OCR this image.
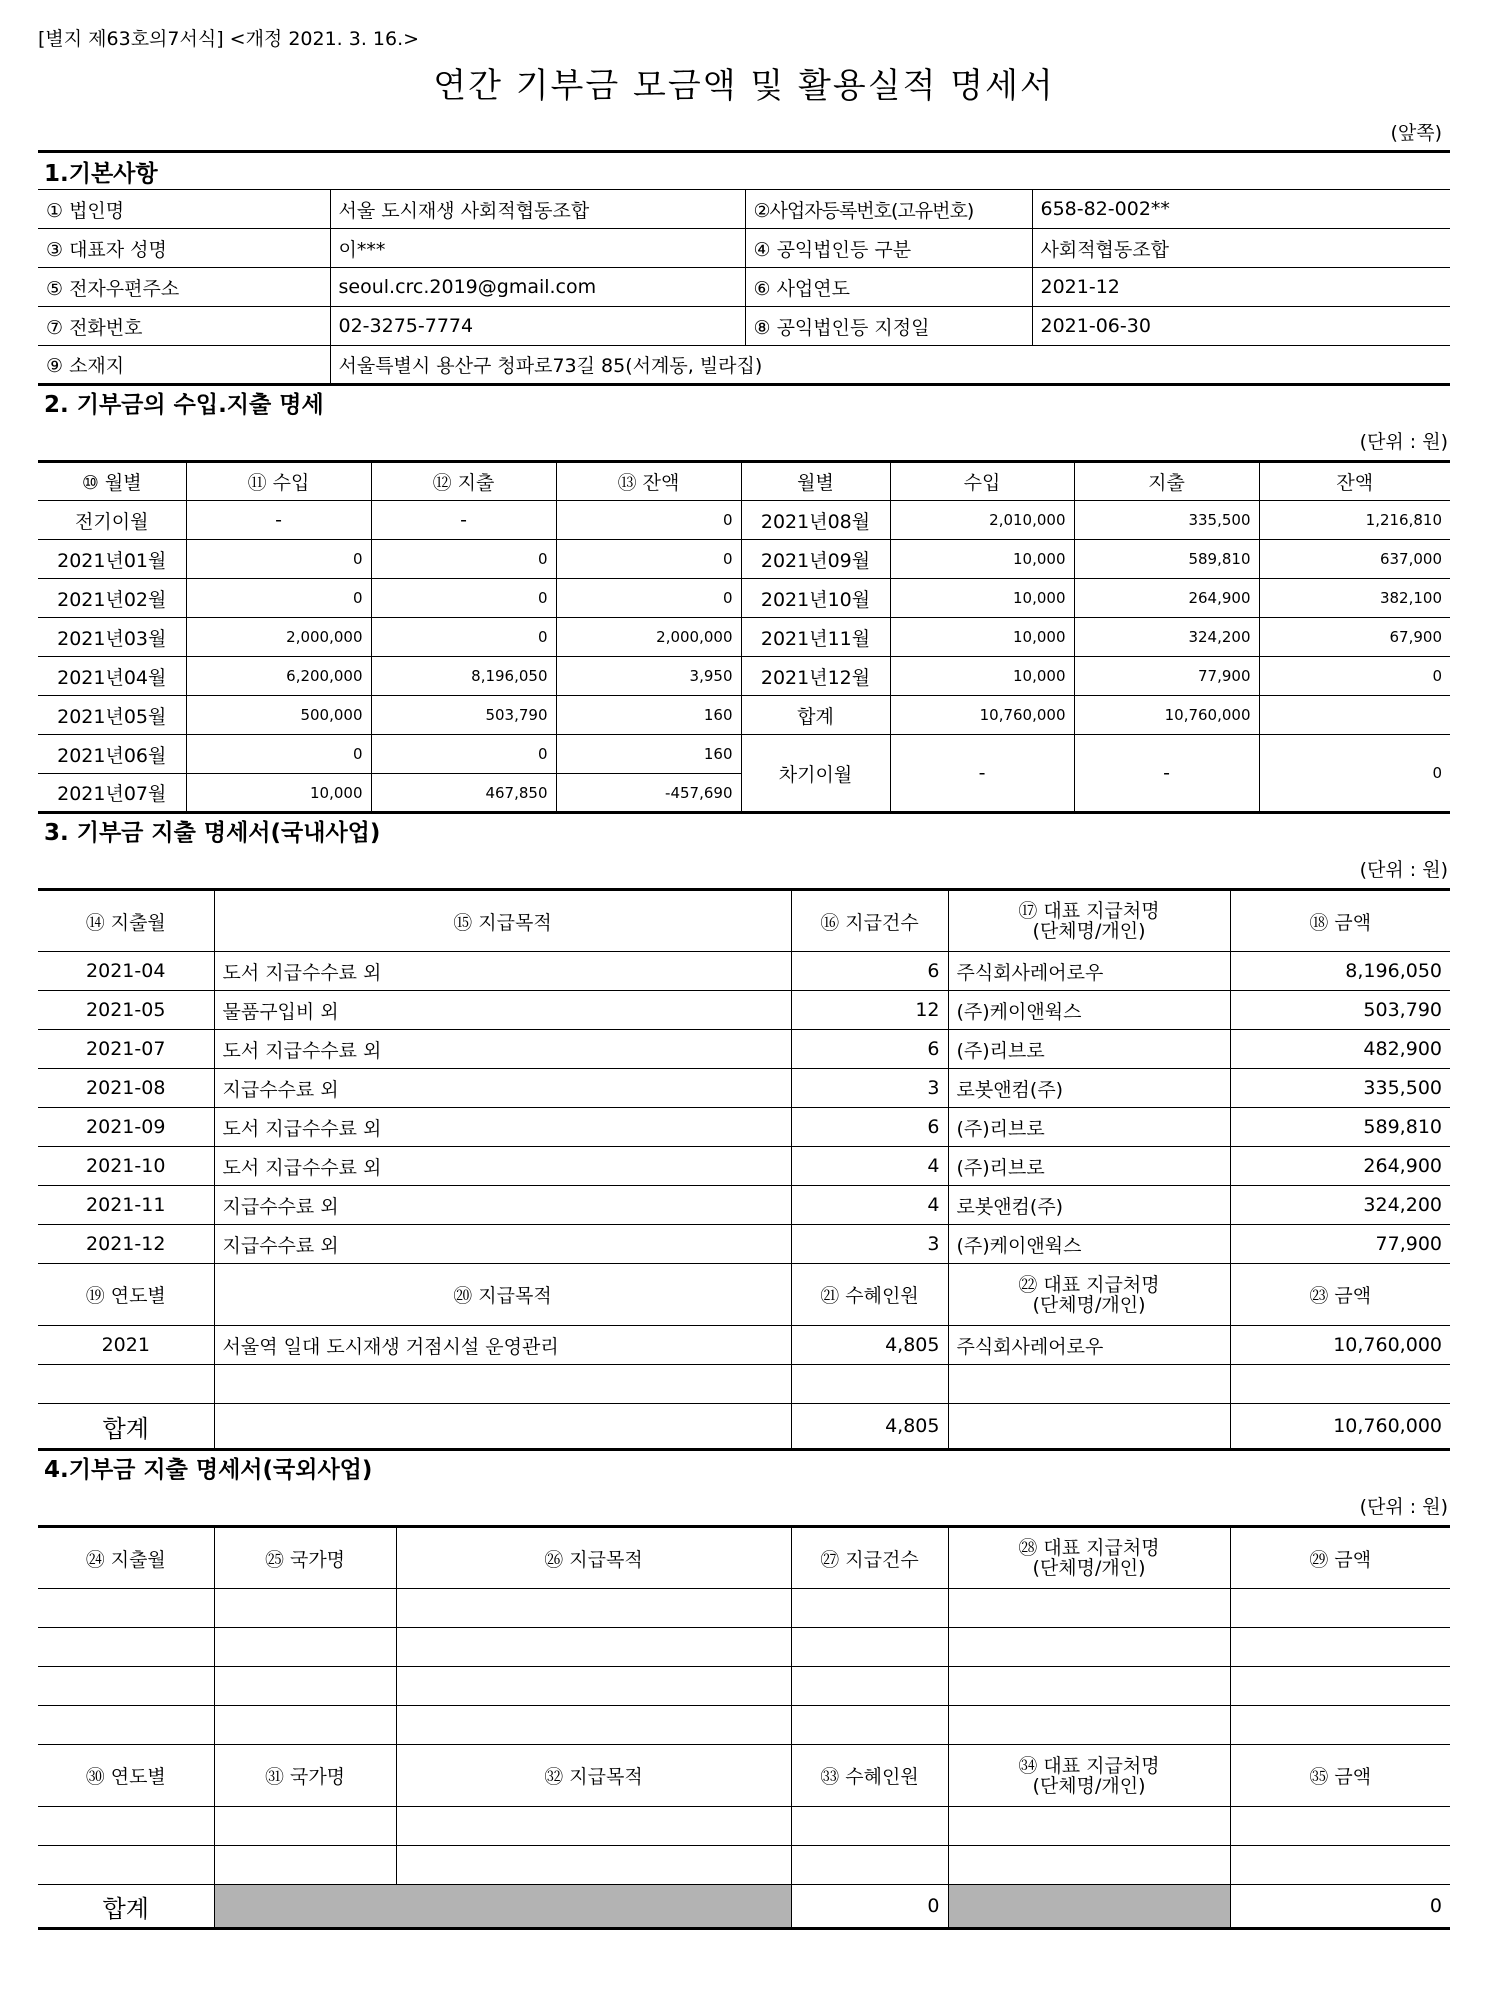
[별지 제63호의7서식] <개정 2021. 3. 16.>
연간 기부금 모금액 및 활용실적 명세서
(앞쪽)
1.기본사항			
① 법인명	서울 도시재생 사회적협동조합	②사업자등록번호(고유번호)	658-82-002**
③ 대표자 성명	이***	④ 공익법인등 구분	사회적협동조합
⑤ 전자우편주소	seoul.crc.2019@gmail.com	⑥ 사업연도	2021-12
⑦ 전화번호	02-3275-7774	⑧ 공익법인등 지정일	2021-06-30
⑨ 소재지	서울특별시 용산구 청파로73길 85(서계동, 빌라집)		
2. 기부금의 수입.지출 명세
(단위 : 원)
⑩ 월별	⑪ 수입	⑫ 지출	⑬ 잔액	월별	수입	지출	잔액
전기이월	-	-	0	2021년08월	2,010,000	335,500	1,216,810
2021년01월	0	0	0	2021년09월	10,000	589,810	637,000
2021년02월	0	0	0	2021년10월	10,000	264,900	382,100
2021년03월	2,000,000	0	2,000,000	2021년11월	10,000	324,200	67,900
2021년04월	6,200,000	8,196,050	3,950	2021년12월	10,000	77,900	0
2021년05월	500,000	503,790	160	합계	10,760,000	10,760,000	
2021년06월	0	0	160	차기이월	-	-	0
2021년07월	10,000	467,850	-457,690				
3. 기부금 지출 명세서(국내사업)
(단위 : 원)
⑭ 지출월	⑮ 지급목적	⑯ 지급건수	⑰ 대표 지급처명
(단체명/개인)	⑱ 금액
2021-04	도서 지급수수료 외	6	주식회사레어로우	8,196,050
2021-05	물품구입비 외	12	(주)케이앤웍스	503,790
2021-07	도서 지급수수료 외	6	(주)리브로	482,900
2021-08	지급수수료 외	3	로봇앤컴(주)	335,500
2021-09	도서 지급수수료 외	6	(주)리브로	589,810
2021-10	도서 지급수수료 외	4	(주)리브로	264,900
2021-11	지급수수료 외	4	로봇앤컴(주)	324,200
2021-12	지급수수료 외	3	(주)케이앤웍스	77,900
⑲ 연도별	⑳ 지급목적	㉑ 수혜인원	㉒ 대표 지급처명
(단체명/개인)	㉓ 금액
2021	서울역 일대 도시재생 거점시설 운영관리	4,805	주식회사레어로우	10,760,000

합계		4,805		10,760,000
4.기부금 지출 명세서(국외사업)
(단위 : 원)
㉔ 지출월	㉕ 국가명	㉖ 지급목적	㉗ 지급건수	㉘ 대표 지급처명
(단체명/개인)	㉙ 금액

㉚ 연도별	㉛ 국가명	㉜ 지급목적	㉝ 수혜인원	㉞ 대표 지급처명
(단체명/개인)	㉟ 금액

합계			0		0
